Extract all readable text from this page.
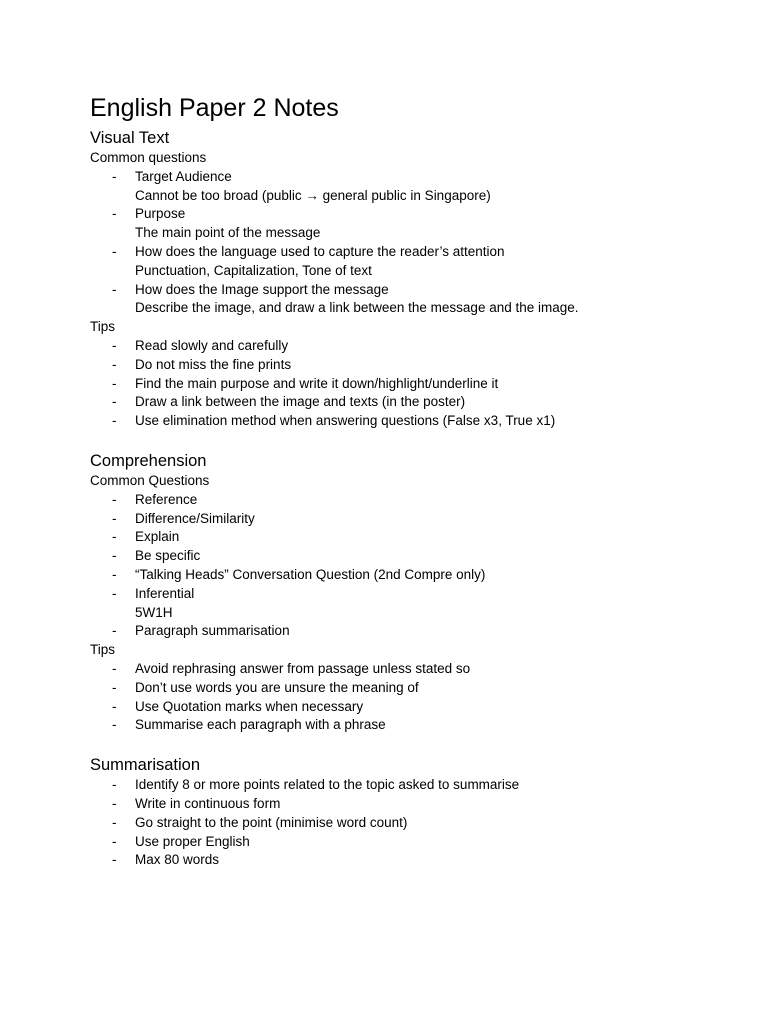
English Paper 2 Notes
Visual Text

Common questions

- Target Audience
Cannot be too broad (public → general public in Singapore)
- Purpose
The main point of the message
- How does the language used to capture the reader’s attention
Punctuation, Capitalization, Tone of text
- How does the Image support the message
Describe the image, and draw a link between the message and the image.

Tips

- Read slowly and carefully
- Do not miss the fine prints
- Find the main purpose and write it down/highlight/underline it
- Draw a link between the image and texts (in the poster)
- Use elimination method when answering questions (False x3, True x1)
Comprehension

Common Questions

- Reference
- Difference/Similarity
- Explain
- Be specific
- “Talking Heads” Conversation Question (2nd Compre only)
- Inferential
5W1H
- Paragraph summarisation

Tips

- Avoid rephrasing answer from passage unless stated so
- Don’t use words you are unsure the meaning of
- Use Quotation marks when necessary
- Summarise each paragraph with a phrase
Summarisation
- Identify 8 or more points related to the topic asked to summarise
- Write in continuous form
- Go straight to the point (minimise word count)
- Use proper English
- Max 80 words
